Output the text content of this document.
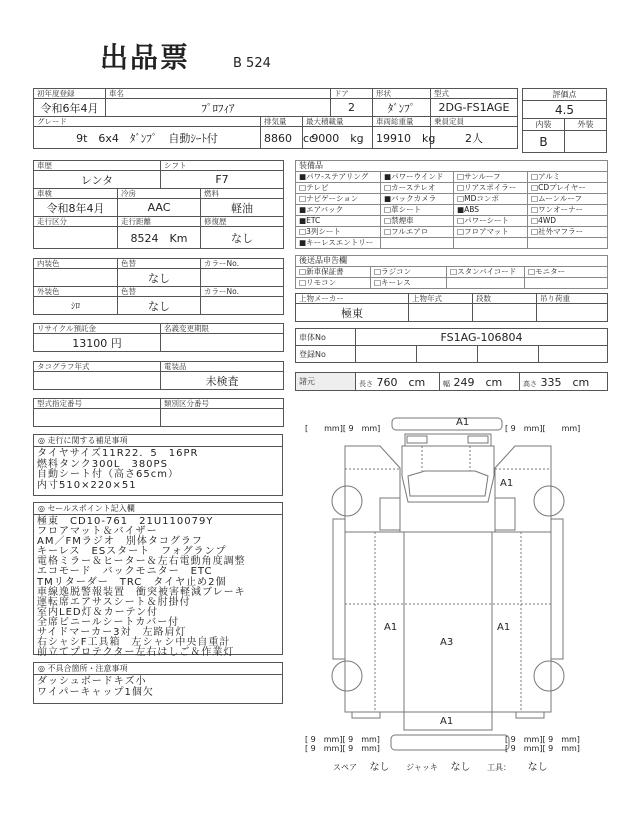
出品票	B 524
初年度登録	車名			ドア	形状	型式
令和6年4月	ﾌﾟﾛﾌｨｱ			2	ﾀﾞﾝﾌﾟ	2DG-FS1AGE
グレード		排気量	最大積載量		車両総重量	乗員定員
9t　6x4　ﾀﾞﾝﾌﾟ　自動ｼｰﾄ付		8860　cc	9000　kg		19910　kg	2人
評価点	
4.5	
内装	外装
B	
車歴		シフト	
レンタ		F7	
車検	冷房		燃料
令和8年4月	AAC		軽油
走行区分	走行距離		修復歴
	8524　Km		なし
内装色	色替	カラーNo.
	なし	
外装色	色替	カラーNo.
ｼﾛ	なし	
リサイクル預託金	名義変更期限
13100 円	
タコグラフ年式	電装品
	未検査
型式指定番号	類別区分番号

◎ 走行に関する補足事項
タイヤサイズ11R22．5　16PR
燃料タンク300L　380PS
自動シート付（高さ65cm）
内寸510×220×51
◎ セールスポイント記入欄
極東　CD10-761　21U110079Y
フロアマット＆バイザー
AM／FMラジオ　別体タコグラフ
キーレス　ESスタート　フォグランプ
電格ミラー＆ヒーター＆左右電動角度調整
エコモード　バックモニター　ETC
TMリターダー　TRC　タイヤ止め2個
車線逸脱警報装置　衝突被害軽減ブレーキ
運転席エアサスシート＆肘掛付
室内LED灯＆カーテン付
全席ビニールシートカバー付
サイドマーカー3対　左路肩灯
右シャシF工具箱　左シャシ中央自重計
前立てプロテクター左右はしご＆作業灯
◎ 不具合箇所・注意事項
ダッシュボードキズ小
ワイパーキャップ1個欠
装備品			
■ パワ-ステアリング	■ パワーウインド	□ サンルーフ	□ アルミ
□ テレビ	□ カーステレオ	□ リアスポイラー	□ CDプレイヤー
□ ナビゲーション	■ バックカメラ	□ MDコンポ	□ ムーンルーフ
■ エアバック	□ 革シート	■ ABS	□ ワンオーナー
■ ETC	□ 禁煙車	□ パワーシート	□ 4WD
□ 3列シート	□ フルエアロ	□ フロアマット	□ 社外マフラー
■ キーレスエントリー			
後送品申告欄			
□ 新車保証書	□ ラジコン	□ スタンバイコード	□ モニター
□ リモコン	□ キーレス		
上物メーカー	上物年式	段数	吊り荷重
極東			
車体No	FS1AG-106804			
登録No				
諸元	長さ 760　cm	幅 249　cm	高さ 335　cm
[　　mm][ 9　mm]	[ 9　mm][　　mm]
A1
A1
A1	A1
A3
A1
[ 9　mm][ 9　mm]
[ 9　mm][ 9　mm]
[ 9　mm][ 9　mm]
[ 9　mm][ 9　mm]
スペア なし ジャッキ なし 工具： なし
